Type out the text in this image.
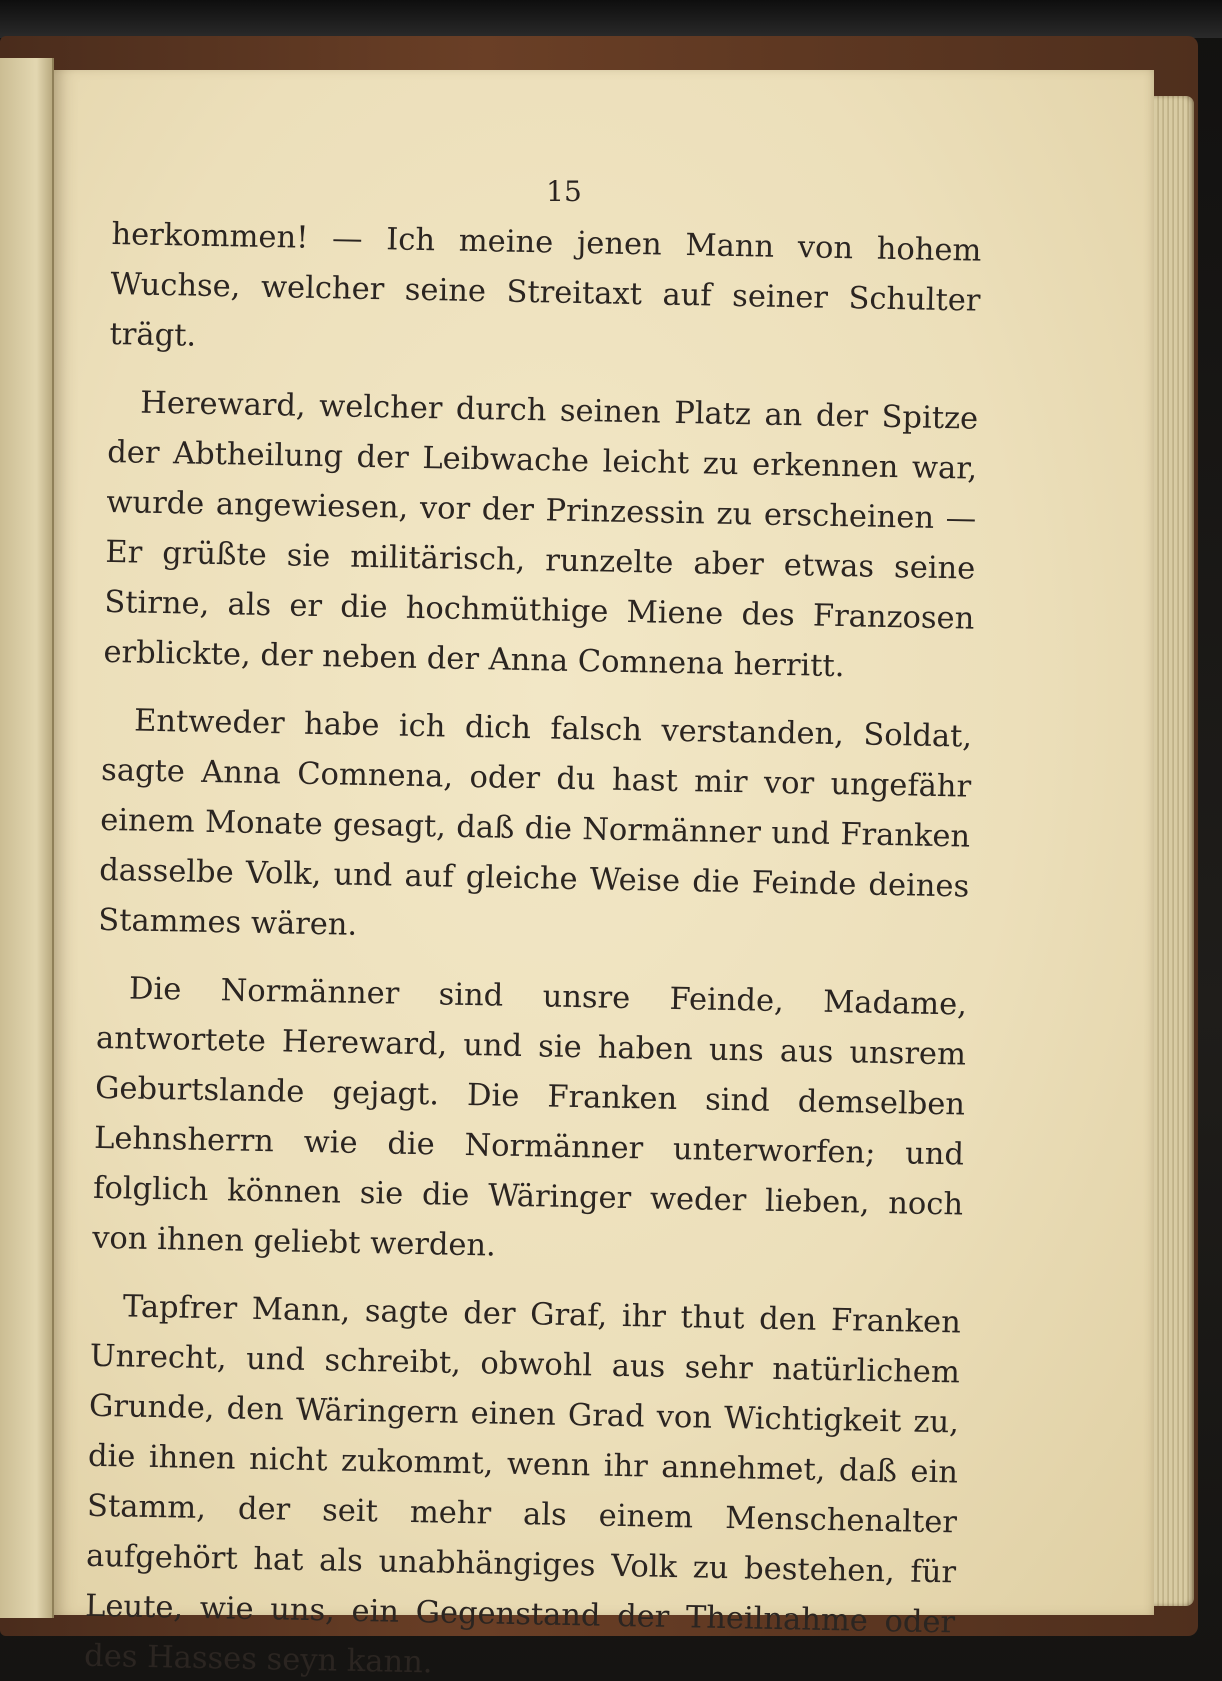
15

herkommen! — Ich meine jenen Mann von hohem Wuchse, welcher seine Streitaxt auf seiner Schulter trägt.

Hereward, welcher durch seinen Platz an der Spitze der Abtheilung der Leibwache leicht zu erkennen war, wurde angewiesen, vor der Prinzessin zu erscheinen — Er grüßte sie militärisch, runzelte aber etwas seine Stirne, als er die hochmüthige Miene des Franzosen erblickte, der neben der Anna Comnena herritt.

Entweder habe ich dich falsch verstanden, Soldat, sagte Anna Comnena, oder du hast mir vor ungefähr einem Monate gesagt, daß die Normänner und Franken dasselbe Volk, und auf gleiche Weise die Feinde deines Stammes wären.

Die Normänner sind unsre Feinde, Madame, antwortete Hereward, und sie haben uns aus unsrem Geburtslande gejagt. Die Franken sind demselben Lehnsherrn wie die Normänner unterworfen; und folglich können sie die Wäringer weder lieben, noch von ihnen geliebt werden.

Tapfrer Mann, sagte der Graf, ihr thut den Franken Unrecht, und schreibt, obwohl aus sehr natürlichem Grunde, den Wäringern einen Grad von Wichtigkeit zu, die ihnen nicht zukommt, wenn ihr annehmet, daß ein Stamm, der seit mehr als einem Menschenalter aufgehört hat als unabhängiges Volk zu bestehen, für Leute, wie uns, ein Gegenstand der Theilnahme oder des Hasses seyn kann.
